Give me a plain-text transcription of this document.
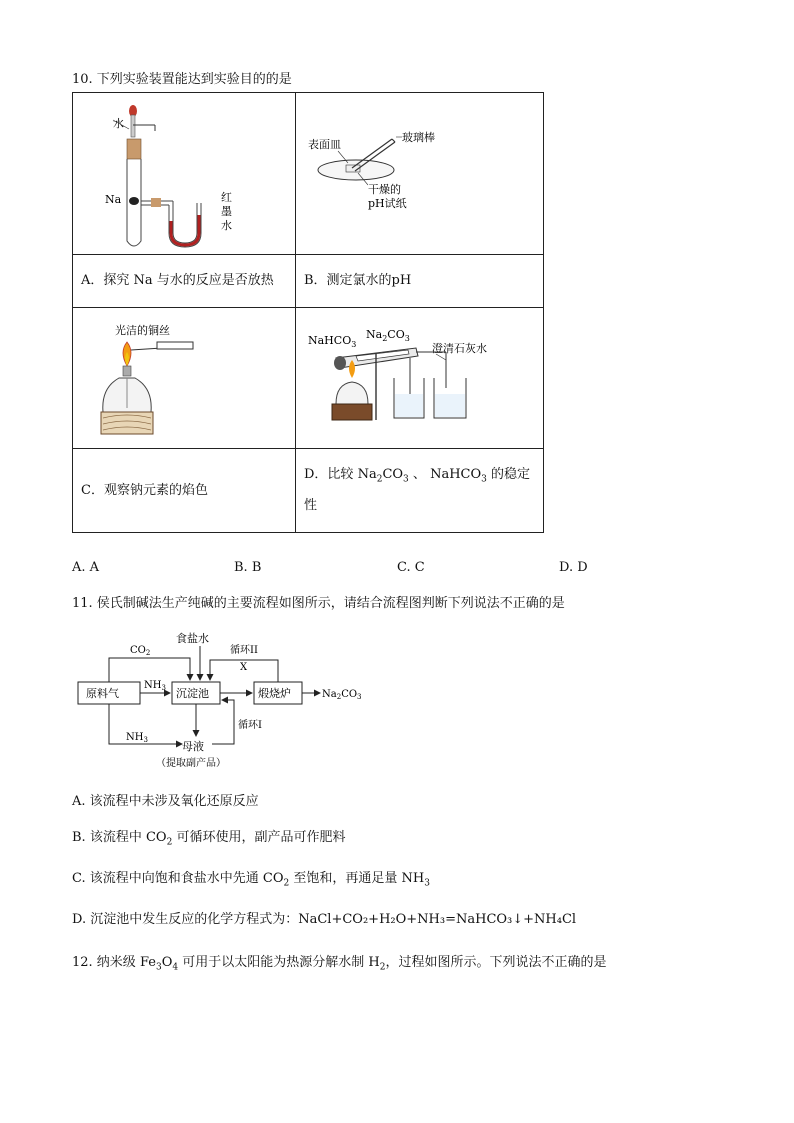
10. 下列实验装置能达到实验目的的是
水
Na 红
墨
水	表面皿
玻璃棒
干燥的
pH试纸

A．探究 Na 与水的反应是否放热	B．测定氯水的pH

光洁的铜丝	NaHCO$_3$
$Na_2CO_3$
澄清石灰水

C．观察钠元素的焰色	D．比较 $Na_2CO_3$ 、 NaHCO$_3$ 的稳定
性
A. A	B. B	C. C	D. D
11. 侯氏制碱法生产纯碱的主要流程如图所示，请结合流程图判断下列说法不正确的是
原料气	沉淀池	煅烧炉
$NH_3$
$CO_2$
食盐水
循环II
X
$Na_2CO_3$
$NH_3$
循环I
母液
（提取副产品）
A. 该流程中未涉及氧化还原反应
B. 该流程中 $CO_2$ 可循环使用，副产品可作肥料
C. 该流程中向饱和食盐水中先通 $CO_2$ 至饱和，再通足量 $NH_3$
D. 沉淀池中发生反应的化学方程式为：NaCl+CO₂+H₂O+NH₃=NaHCO₃↓+NH₄Cl
12. 纳米级 $Fe_3O_4$ 可用于以太阳能为热源分解水制 $H_2$，过程如图所示。下列说法不正确的是
